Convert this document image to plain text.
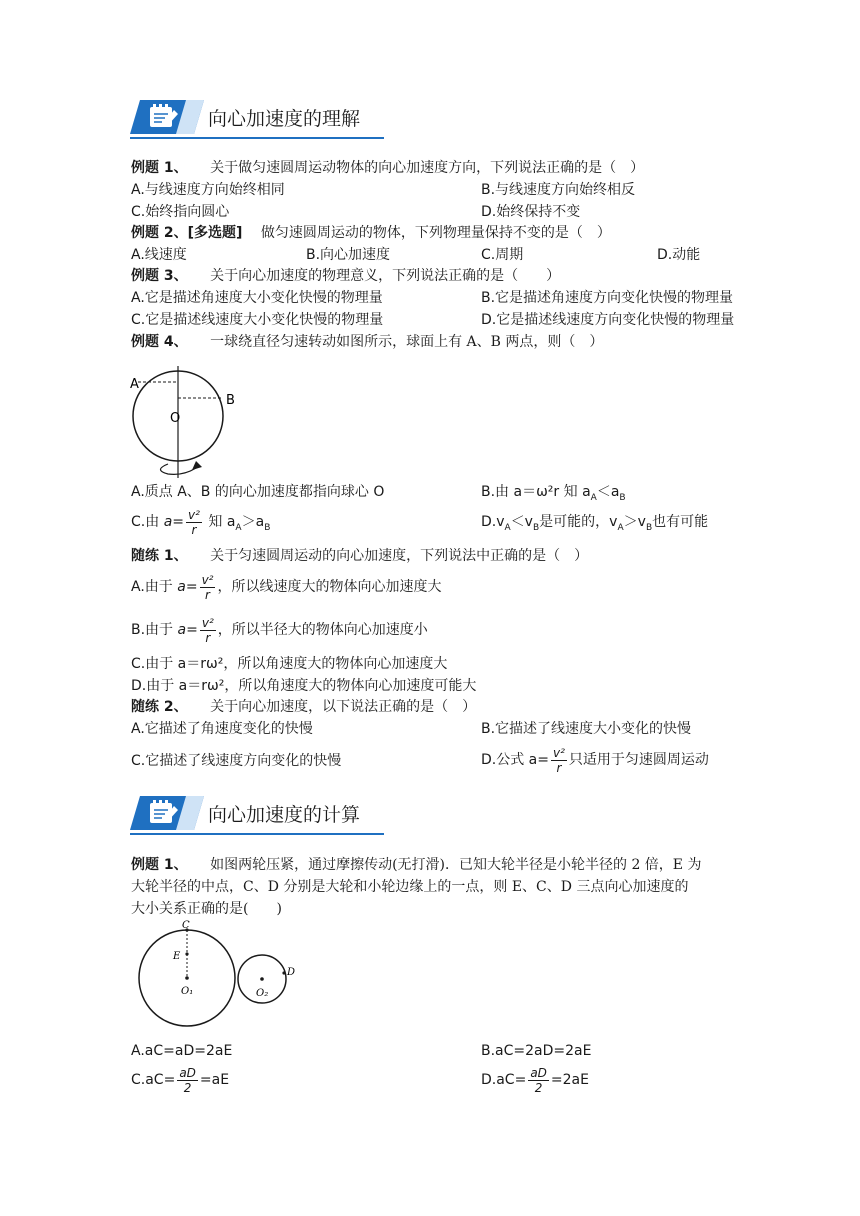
向心加速度的理解
例题 1、 关于做匀速圆周运动物体的向心加速度方向，下列说法正确的是（　）
A.与线速度方向始终相同	B.与线速度方向始终相反
C.始终指向圆心	D.始终保持不变
例题 2、[多选题] 做匀速圆周运动的物体，下列物理量保持不变的是（　）
A.线速度	B.向心加速度	C.周期	D.动能
例题 3、 关于向心加速度的物理意义，下列说法正确的是（　　）
A.它是描述角速度大小变化快慢的物理量	B.它是描述角速度方向变化快慢的物理量
C.它是描述线速度大小变化快慢的物理量	D.它是描述线速度方向变化快慢的物理量
例题 4、 一球绕直径匀速转动如图所示，球面上有 A、B 两点，则（　）
A
B
O
A.质点 A、B 的向心加速度都指向球心 O	B.由 a＝ω²r 知 $a_A<a_B$
C.由 $a= \frac{\text{v²}}{r}$ 知 $a_A>a_B$	$D.v_A<v_B$是可能的，$v_A>v_B$也有可能
随练 1、 关于匀速圆周运动的向心加速度，下列说法中正确的是（　）
A.由于 $a= \frac{\text{v²}}{r}$ ，所以线速度大的物体向心加速度大
B.由于 $a= \frac{\text{v²}}{r}$ ，所以半径大的物体向心加速度小
C.由于 a＝rω²，所以角速度大的物体向心加速度大
D.由于 a＝rω²，所以角速度大的物体向心加速度可能大
随练 2、 关于向心加速度，以下说法正确的是（　）
A.它描述了角速度变化的快慢	B.它描述了线速度大小变化的快慢
C.它描述了线速度方向变化的快慢	D.公式 $a= \frac{\text{v²}}{r}$ 只适用于匀速圆周运动
向心加速度的计算
例题 1、 如图两轮压紧，通过摩擦传动(无打滑)．已知大轮半径是小轮半径的 2 倍，E 为
大轮半径的中点，C、D 分别是大轮和小轮边缘上的一点，则 E、C、D 三点向心加速度的
大小关系正确的是(　　)
C
E
D
O₁	O₂
A.aC=aD=2aE	B.aC=2aD=2aE
$C.aC= \frac{aD}{2} =aE$	$D.aC= \frac{aD}{2} =2aE$
